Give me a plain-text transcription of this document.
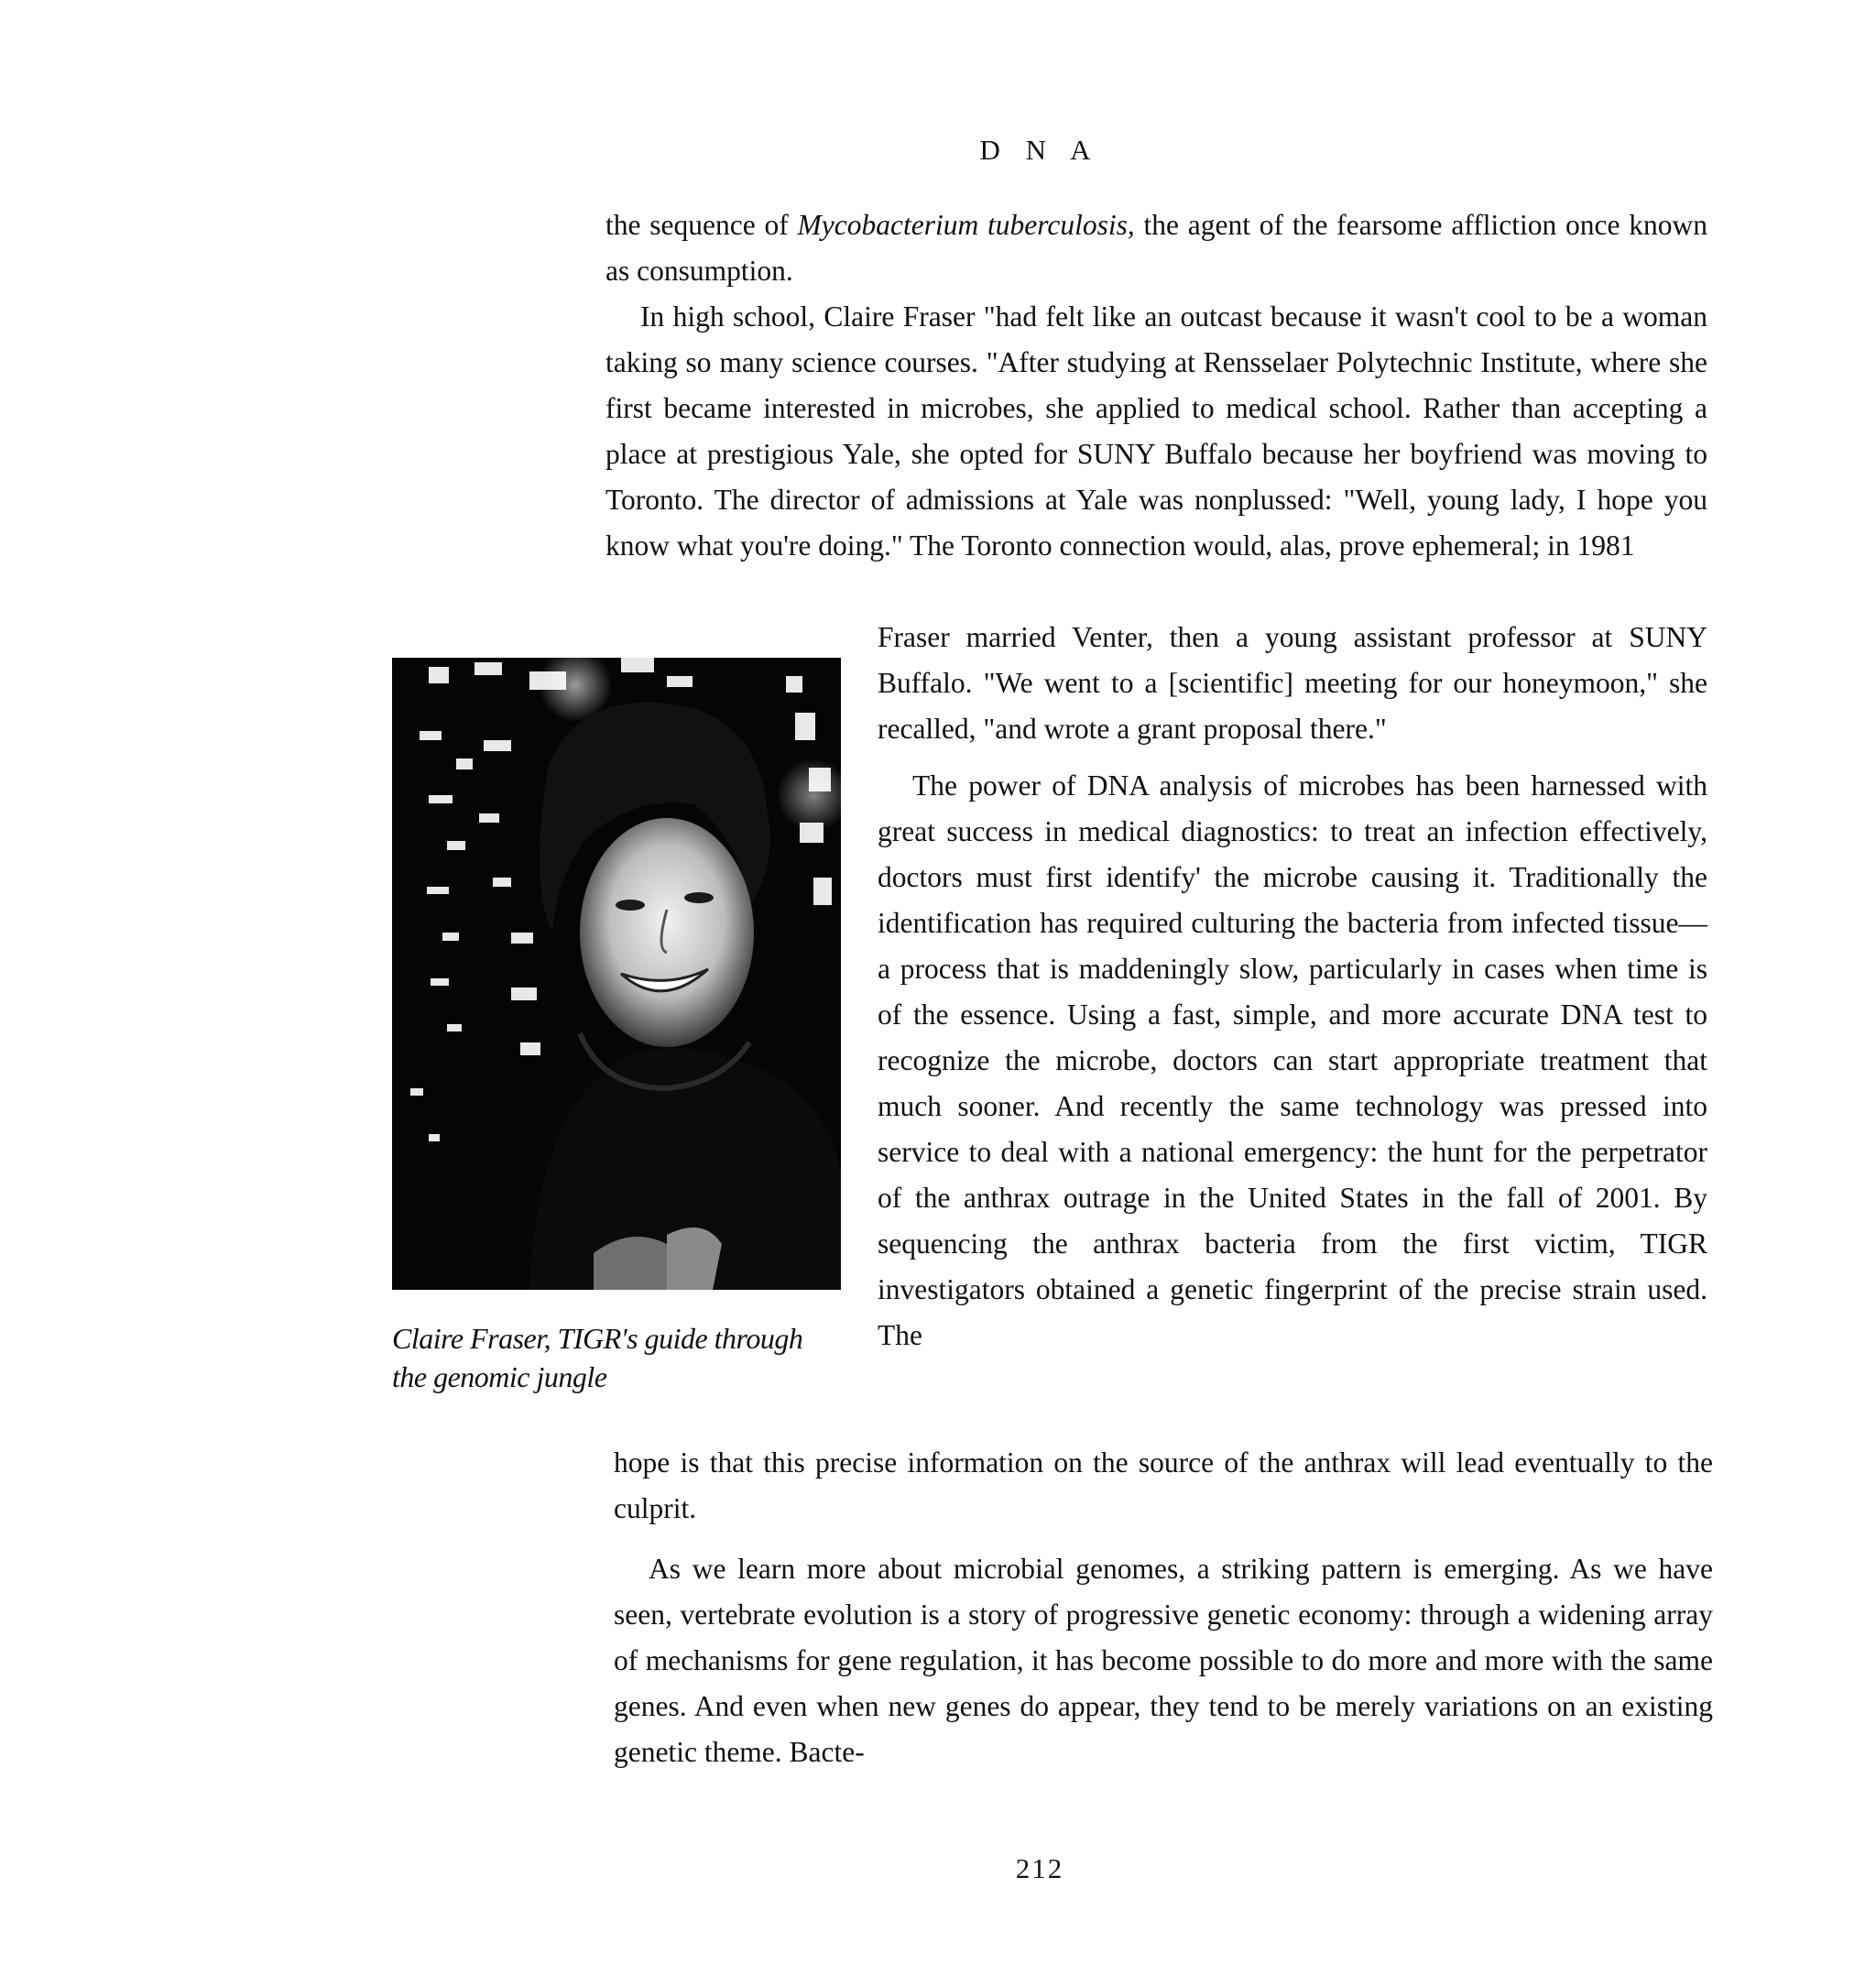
D N A

the sequence of Mycobacterium tuberculosis, the agent of the fearsome affliction once known as consumption.

In high school, Claire Fraser "had felt like an outcast because it wasn't cool to be a woman taking so many science courses. "After studying at Rensselaer Polytechnic Institute, where she first became interested in microbes, she applied to medical school. Rather than accepting a place at prestigious Yale, she opted for SUNY Buffalo because her boyfriend was moving to Toronto. The director of admissions at Yale was nonplussed: "Well, young lady, I hope you know what you're doing." The Toronto connection would, alas, prove ephemeral; in 1981

Fraser married Venter, then a young assistant professor at SUNY Buffalo. "We went to a [scientific] meeting for our honeymoon," she recalled, "and wrote a grant proposal there."

The power of DNA analysis of microbes has been harnessed with great success in medical diagnostics: to treat an infection effectively, doctors must first identify' the microbe causing it. Traditionally the identification has required culturing the bacteria from infected tissue—a process that is maddeningly slow, particularly in cases when time is of the essence. Using a fast, simple, and more accurate DNA test to recognize the microbe, doctors can start appropriate treatment that much sooner. And recently the same technology was pressed into service to deal with a national emergency: the hunt for the perpetrator of the anthrax outrage in the United States in the fall of 2001. By sequencing the anthrax bacteria from the first victim, TIGR investigators obtained a genetic fingerprint of the precise strain used. The

hope is that this precise information on the source of the anthrax will lead eventually to the culprit.

As we learn more about microbial genomes, a striking pattern is emerging. As we have seen, vertebrate evolution is a story of progressive genetic economy: through a widening array of mechanisms for gene regulation, it has become possible to do more and more with the same genes. And even when new genes do appear, they tend to be merely variations on an existing genetic theme. Bacte-

Claire Fraser, TIGR's guide through
the genomic jungle
212
